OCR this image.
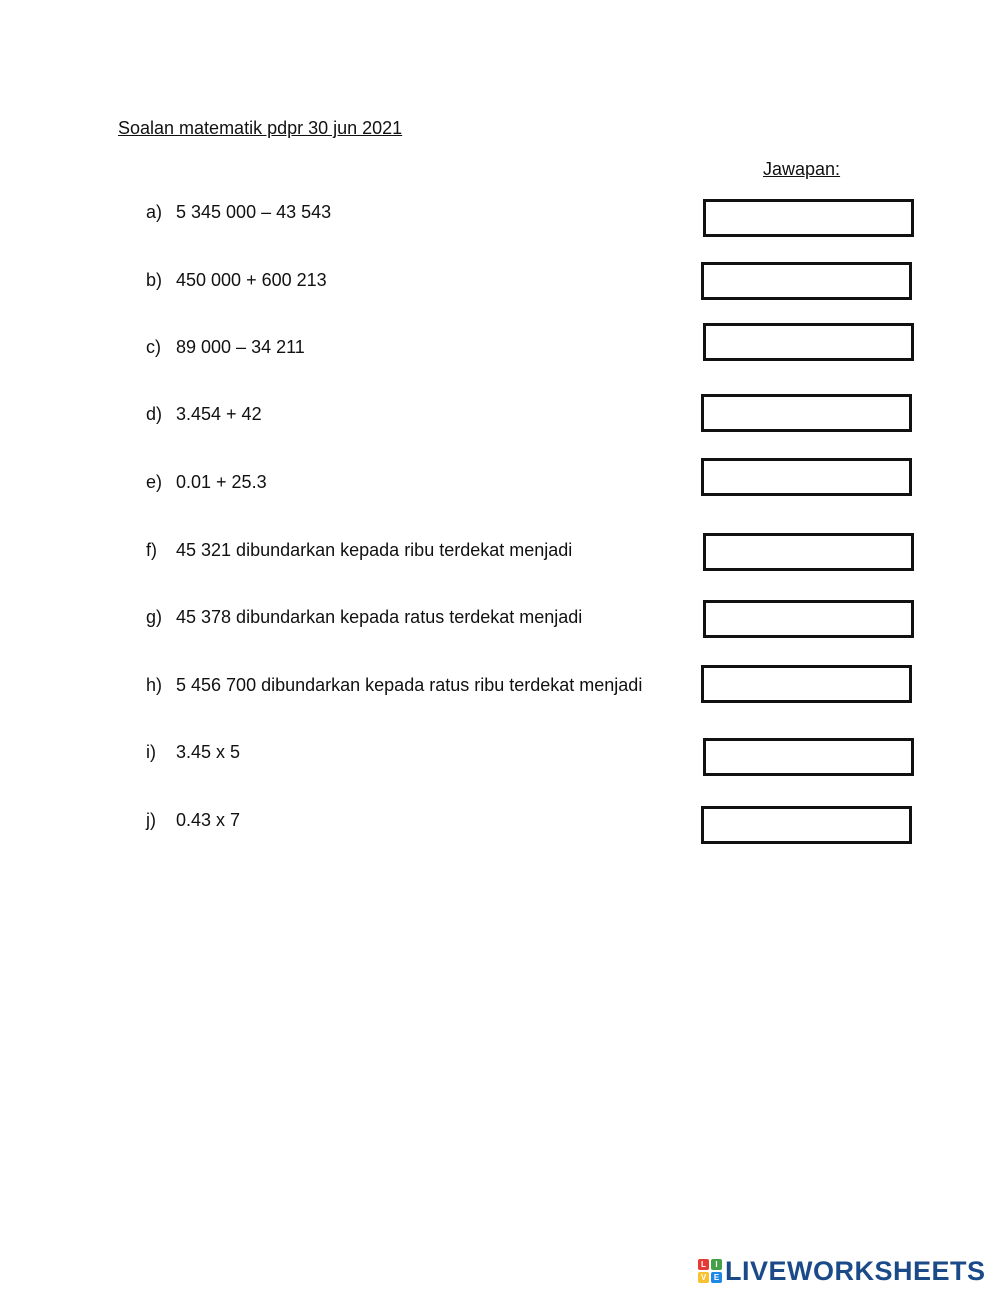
Soalan matematik pdpr 30 jun 2021
Jawapan:
a) 5 345 000 – 43 543
b) 450 000 + 600 213
c) 89 000 – 34 211
d) 3.454 + 42
e) 0.01 + 25.3
f) 45 321 dibundarkan kepada ribu terdekat menjadi
g) 45 378 dibundarkan kepada ratus terdekat menjadi
h) 5 456 700 dibundarkan kepada ratus ribu terdekat menjadi
i) 3.45 x 5
j) 0.43 x 7
L	I
V E LIVEWORKSHEETS
